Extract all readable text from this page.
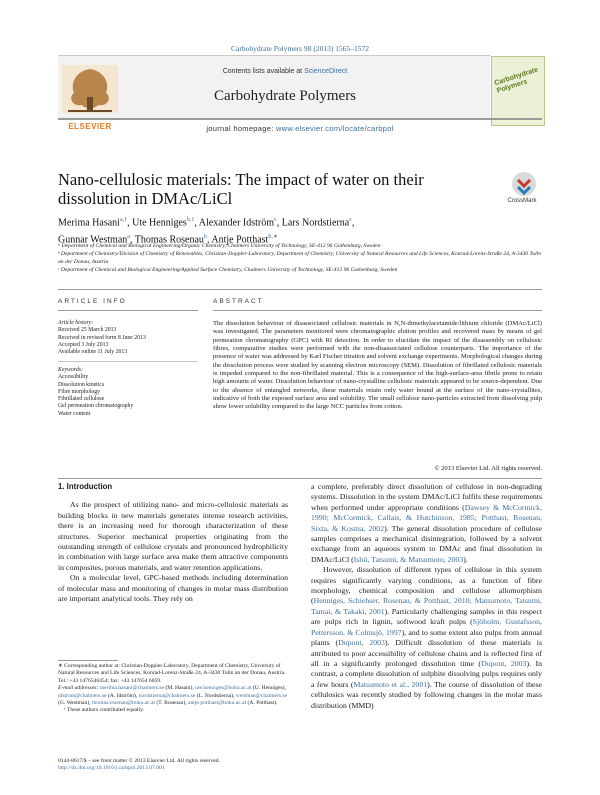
Carbohydrate Polymers 98 (2013) 1565–1572
ELSEVIER
Contents lists available at ScienceDirect
Carbohydrate Polymers
Carbohydrate Polymers
journal homepage: www.elsevier.com/locate/carbpol
Nano-cellulosic materials: The impact of water on their dissolution in DMAc/LiCl	CrossMark
Merima Hasani$^{a,1}$, Ute Henniges$^{b,1}$, Alexander Idström$^c$, Lars Nordstierna$^c$,
Gunnar Westman$^a$, Thomas Rosenau$^b$, Antje Potthast$^{b,∗}$

ᵃ Department of Chemical and Biological Engineering/Organic Chemistry, Chalmers University of Technology, SE-412 96 Gothenburg, Sweden

ᵇ Department of Chemistry/Division of Chemistry of Renewables, Christian-Doppler-Laboratory, Department of Chemistry, University of Natural Resources and Life Sciences, Konrad-Lorenz-Straße 24, A-3430 Tulln an der Donau, Austria

ᶜ Department of Chemical and Biological Engineering/Applied Surface Chemistry, Chalmers University of Technology, SE-412 96 Gothenburg, Sweden

ARTICLE INFO	ABSTRACT
Article history:
Received 25 March 2013
Received in revised form 8 June 2013
Accepted 3 July 2013
Available online 11 July 2013
Keywords:
Accessibility
Dissolution kinetics
Fibre morphology
Fibrillated cellulose
Gel permeation chromatography
Water content
The dissolution behaviour of disassociated cellulosic materials in N,N-dimethylacetamide/lithium chloride (DMAc/LiCl) was investigated. The parameters monitored were chromatographic elution profiles and recovered mass by means of gel permeation chromatography (GPC) with RI detection. In order to elucidate the impact of the disassembly on cellulosic fibres, comparative studies were performed with the non-disassociated cellulose counterparts. The importance of the presence of water was addressed by Karl Fischer titration and solvent exchange experiments. Morphological changes during the dissolution process were studied by scanning electron microscopy (SEM). Dissolution of fibrillated cellulosic materials is impeded compared to the non-fibrillated material. This is a consequence of the high-surface-area fibrils prone to retain high amounts of water. Dissolution behaviour of nano-crystalline cellulosic materials appeared to be source-dependent. Due to the absence of entangled networks, these materials retain only water bound at the surface of the nano-crystallites, indicative of both the exposed surface area and solubility. The small cellulose nano-particles extracted from dissolving pulp show lower solubility compared to the large NCC particles from cotton.
© 2013 Elsevier Ltd. All rights reserved.

1. Introduction

As the prospect of utilizing nano- and micro-cellulosic materials as building blocks in new materials generates intense research activities, there is an increasing need for thorough characterization of these structures. Superior mechanical properties originating from the outstanding strength of cellulose crystals and pronounced hydrophilicity in combination with large surface area make them attractive components in composites, porous materials, and water retention applications.

On a molecular level, GPC-based methods including determination of molecular mass and monitoring of changes in molar mass distribution are important analytical tools. They rely on

a complete, preferably direct dissolution of cellulose in non-degrading systems. Dissolution in the system DMAc/LiCl fulfils these requirements when performed under appropriate conditions (Dawsey & McCormick, 1990; McCormick, Callais, & Hutchinson, 1985; Potthast, Rosenau, Sixta, & Kosma, 2002). The general dissolution procedure of cellulose samples comprises a mechanical disintegration, followed by a solvent exchange from an aqueous system to DMAc and final dissolution in DMAc/LiCl (Ishii, Tatsumi, & Matsumoto, 2003).

However, dissolution of different types of cellulose in this system requires significantly varying conditions, as a function of fibre morphology, chemical composition and cellulose allomorphism (Henniges, Schiehser, Rosenau, & Potthast, 2010; Matsumoto, Tatsumi, Tamai, & Takaki, 2001). Particularly challenging samples in this respect are pulps rich in lignin, softwood kraft pulps (Sjöholm, Gustafsson, Pettersson, & Colmsjö, 1997), and to some extent also pulps from annual plants (Dupont, 2003). Difficult dissolution of these materials is attributed to poor accessibility of cellulose chains and is reflected first of all in a significantly prolonged dissolution time (Dupont, 2003). In contrast, a complete dissolution of sulphite dissolving pulps requires only a few hours (Matsumoto et al., 2001). The course of dissolution of these cellulosics was recently studied by following changes in the molar mass distribution (MMD)

∗ Corresponding author at: Christian-Doppler-Laboratory, Department of Chemistry, University of Natural Resources and Life Sciences, Konrad-Lorenz-Straße 24, A-3430 Tulln an der Donau, Austria. Tel.: +43 1476546454; fax: +43 147654 6059.
E-mail addresses: merima.hasani@chalmers.se (M. Hasani), ute.henniges@boku.ac.at (U. Henniges), idstrom@chalmers.se (A. Idström), nordstierna@chalmers.se (L. Nordstierna), westman@chalmers.se (G. Westman), thomas.rosenau@boku.ac.at (T. Rosenau), antje.potthast@boku.ac.at (A. Potthast).
¹ These authors contributed equally.
0144-8617/$ – see front matter © 2013 Elsevier Ltd. All rights reserved.
http://dx.doi.org/10.1016/j.carbpol.2013.07.001
